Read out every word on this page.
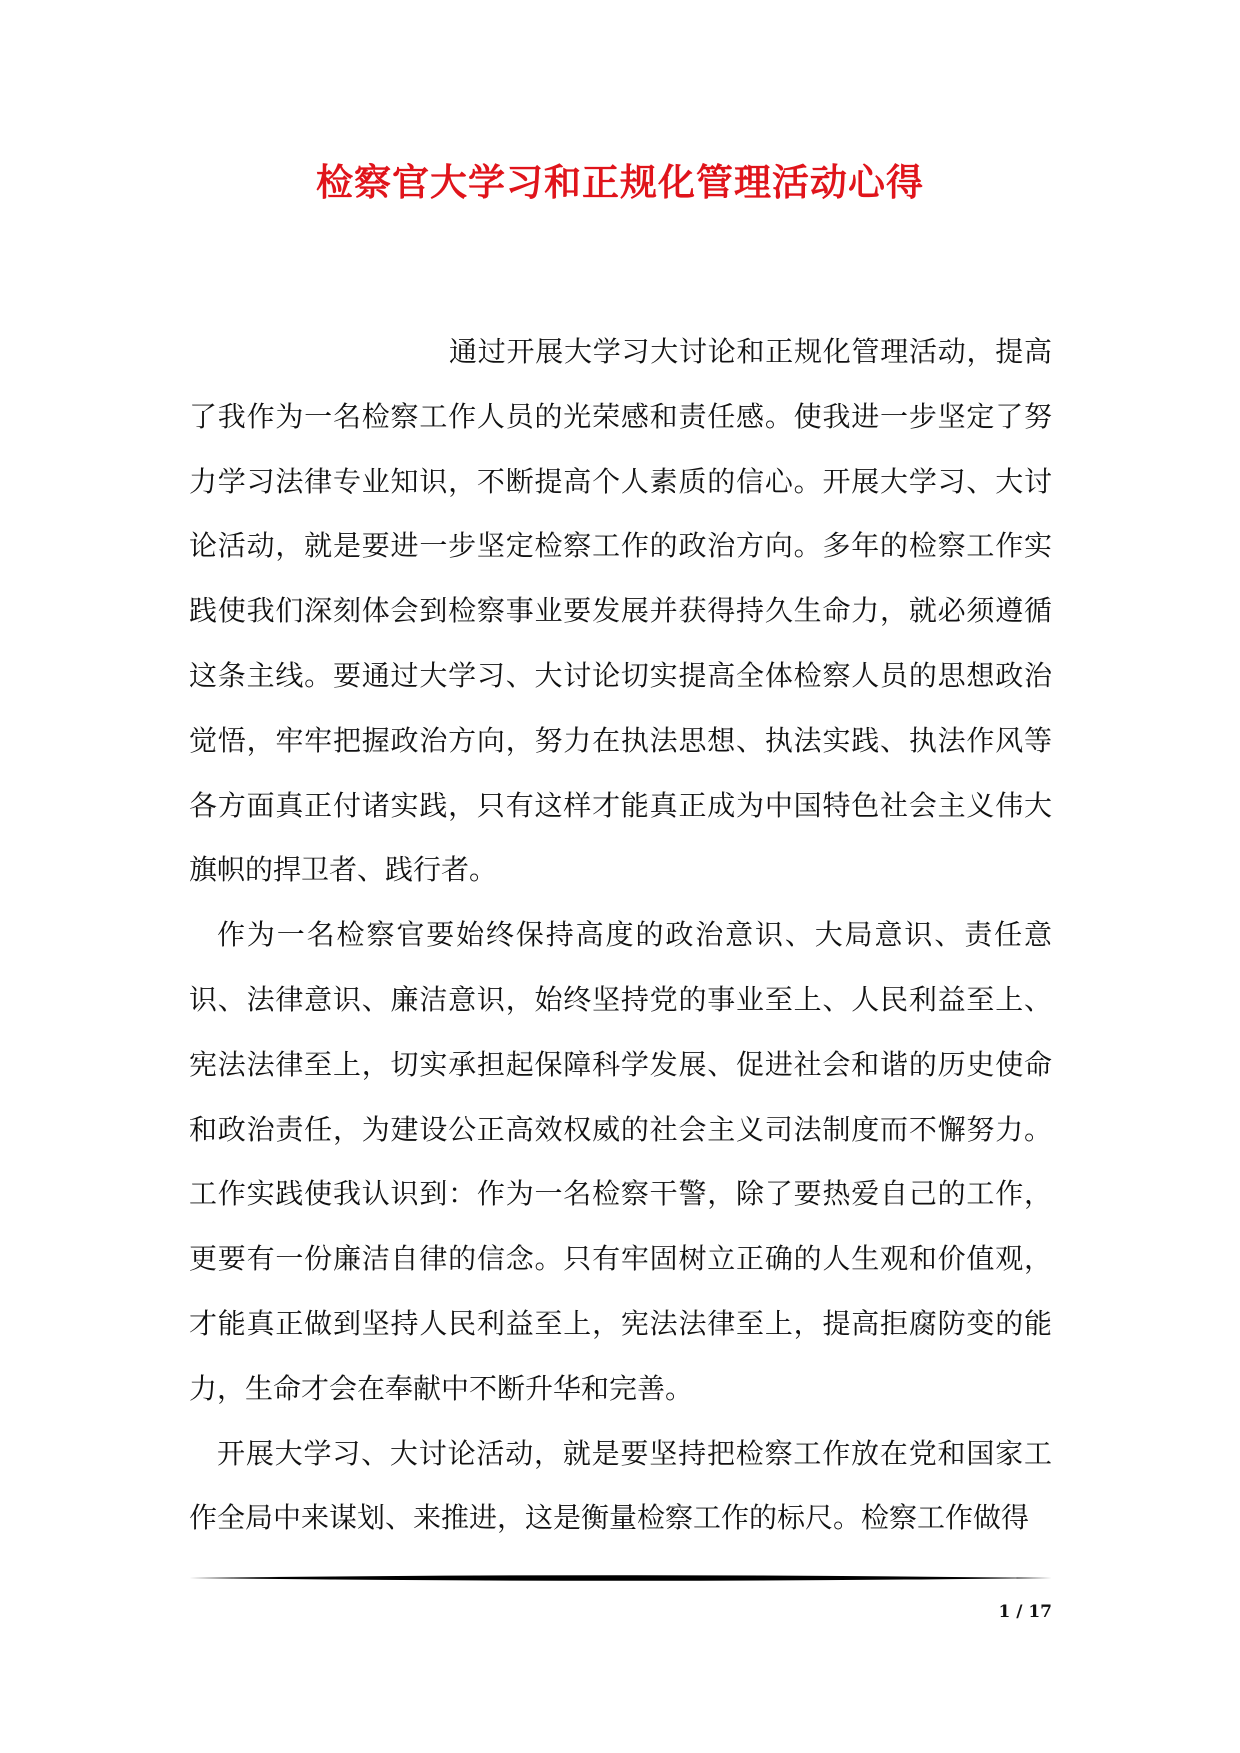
检察官大学习和正规化管理活动心得

通过开展大学习大讨论和正规化管理活动，提高了我作为一名检察工作人员的光荣感和责任感。使我进一步坚定了努力学习法律专业知识，不断提高个人素质的信心。开展大学习、大讨论活动，就是要进一步坚定检察工作的政治方向。多年的检察工作实践使我们深刻体会到检察事业要发展并获得持久生命力，就必须遵循这条主线。要通过大学习、大讨论切实提高全体检察人员的思想政治觉悟，牢牢把握政治方向，努力在执法思想、执法实践、执法作风等各方面真正付诸实践，只有这样才能真正成为中国特色社会主义伟大旗帜的捍卫者、践行者。

作为一名检察官要始终保持高度的政治意识、大局意识、责任意识、法律意识、廉洁意识，始终坚持党的事业至上、人民利益至上、宪法法律至上，切实承担起保障科学发展、促进社会和谐的历史使命和政治责任，为建设公正高效权威的社会主义司法制度而不懈努力。工作实践使我认识到：作为一名检察干警，除了要热爱自己的工作，更要有一份廉洁自律的信念。只有牢固树立正确的人生观和价值观，才能真正做到坚持人民利益至上，宪法法律至上，提高拒腐防变的能力，生命才会在奉献中不断升华和完善。

开展大学习、大讨论活动，就是要坚持把检察工作放在党和国家工作全局中来谋划、来推进，这是衡量检察工作的标尺。检察工作做得

1 / 17
